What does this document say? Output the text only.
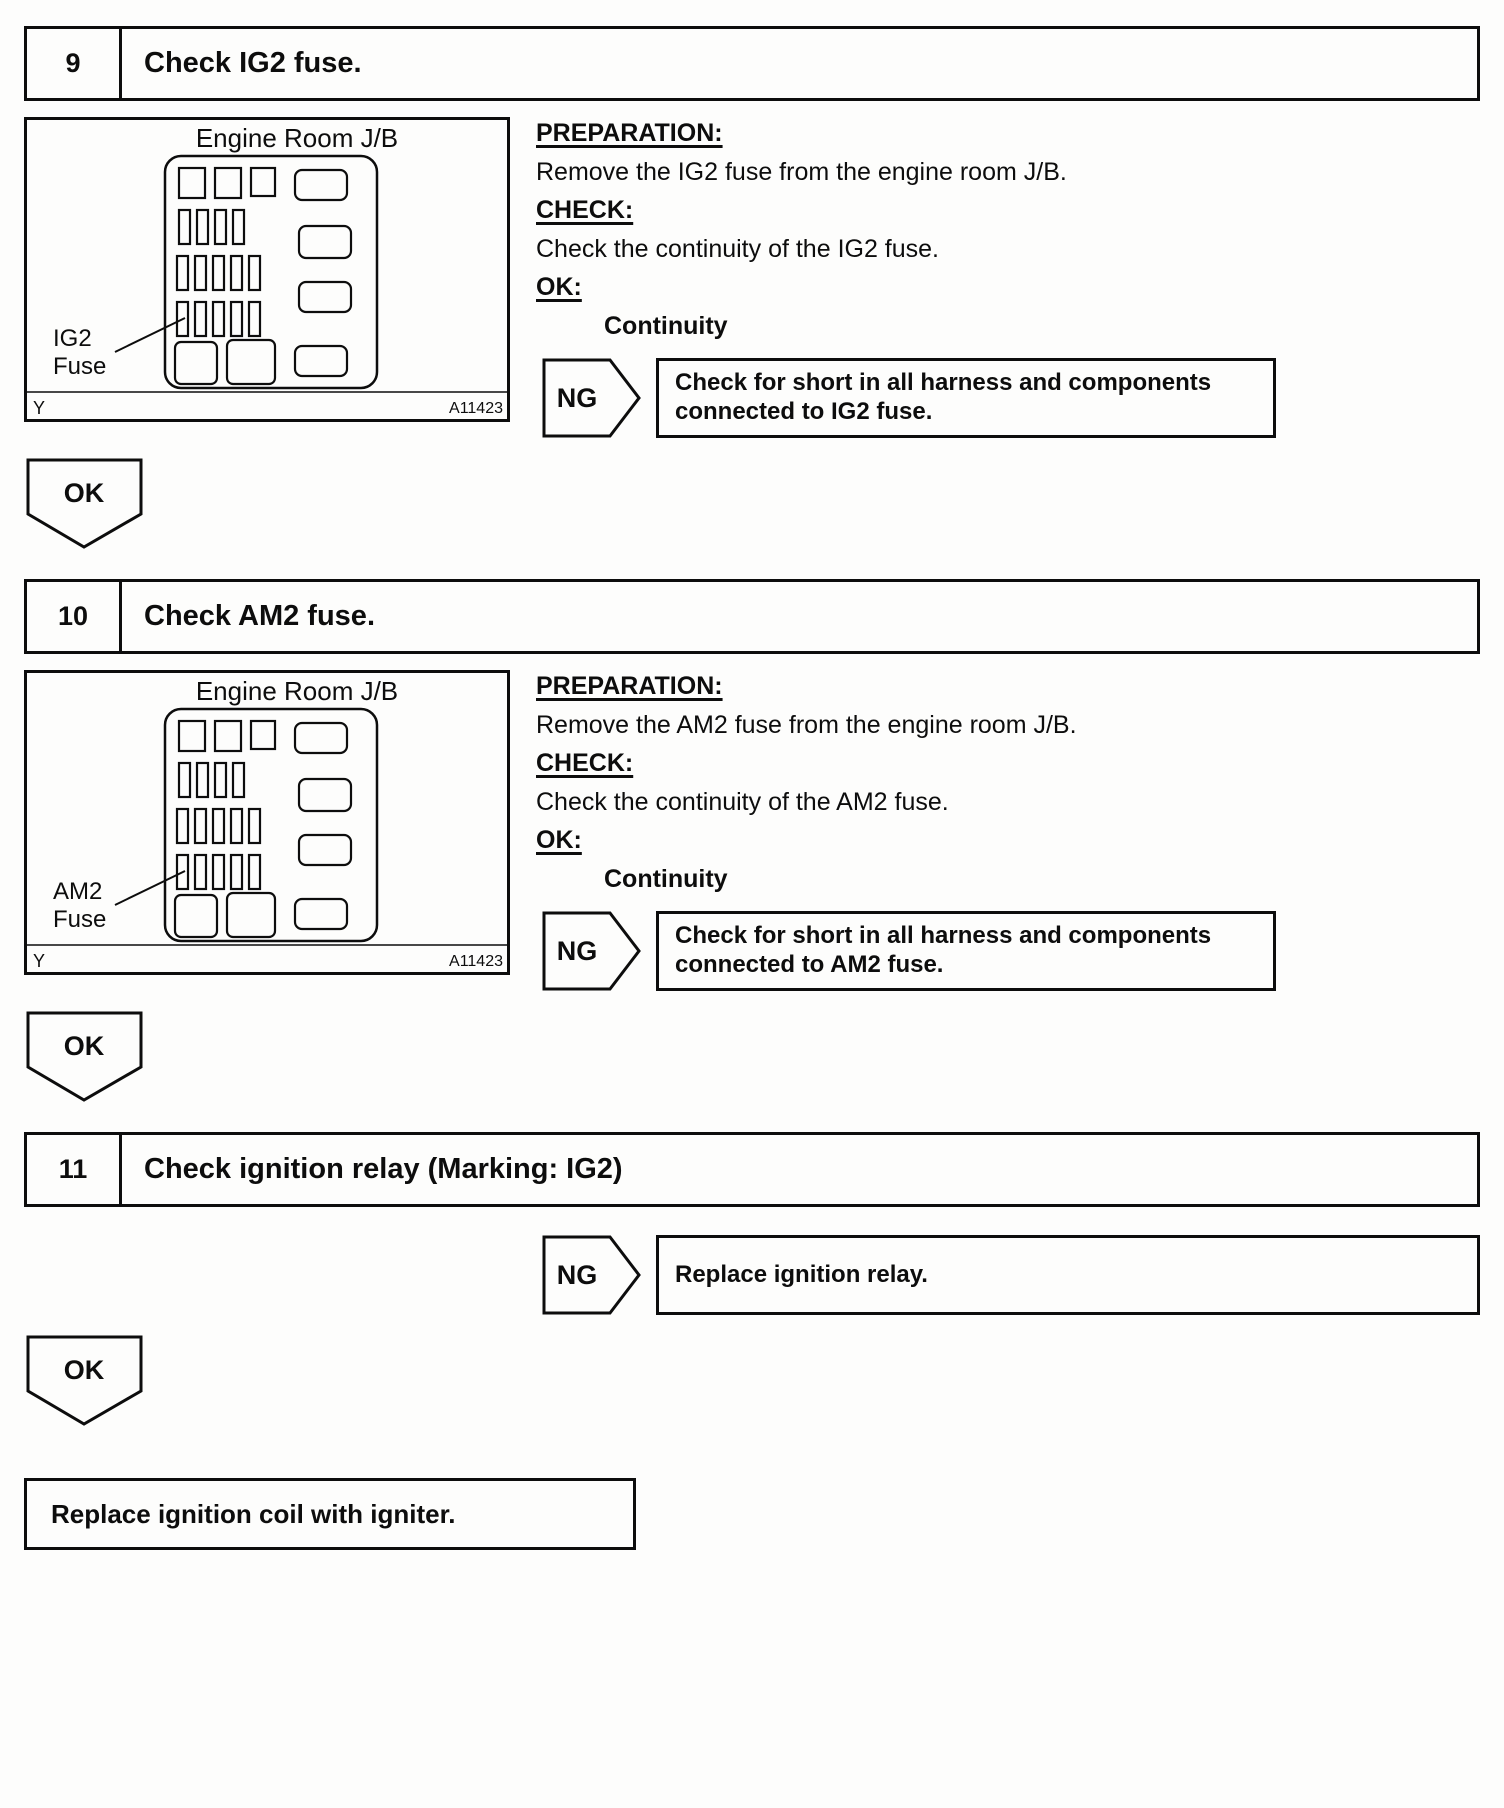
9	Check IG2 fuse.
Engine Room J/B
IG2
Fuse
Y	A11423
PREPARATION:
Remove the IG2 fuse from the engine room J/B.
CHECK:
Check the continuity of the IG2 fuse.
OK:
Continuity
NG
Check for short in all harness and components connected to IG2 fuse.
OK
10	Check AM2 fuse.
Engine Room J/B
AM2
Fuse
Y	A11423
PREPARATION:
Remove the AM2 fuse from the engine room J/B.
CHECK:
Check the continuity of the AM2 fuse.
OK:
Continuity
NG
Check for short in all harness and components connected to AM2 fuse.
OK
11	Check ignition relay (Marking: IG2)
NG	Replace ignition relay.
OK
Replace ignition coil with igniter.
